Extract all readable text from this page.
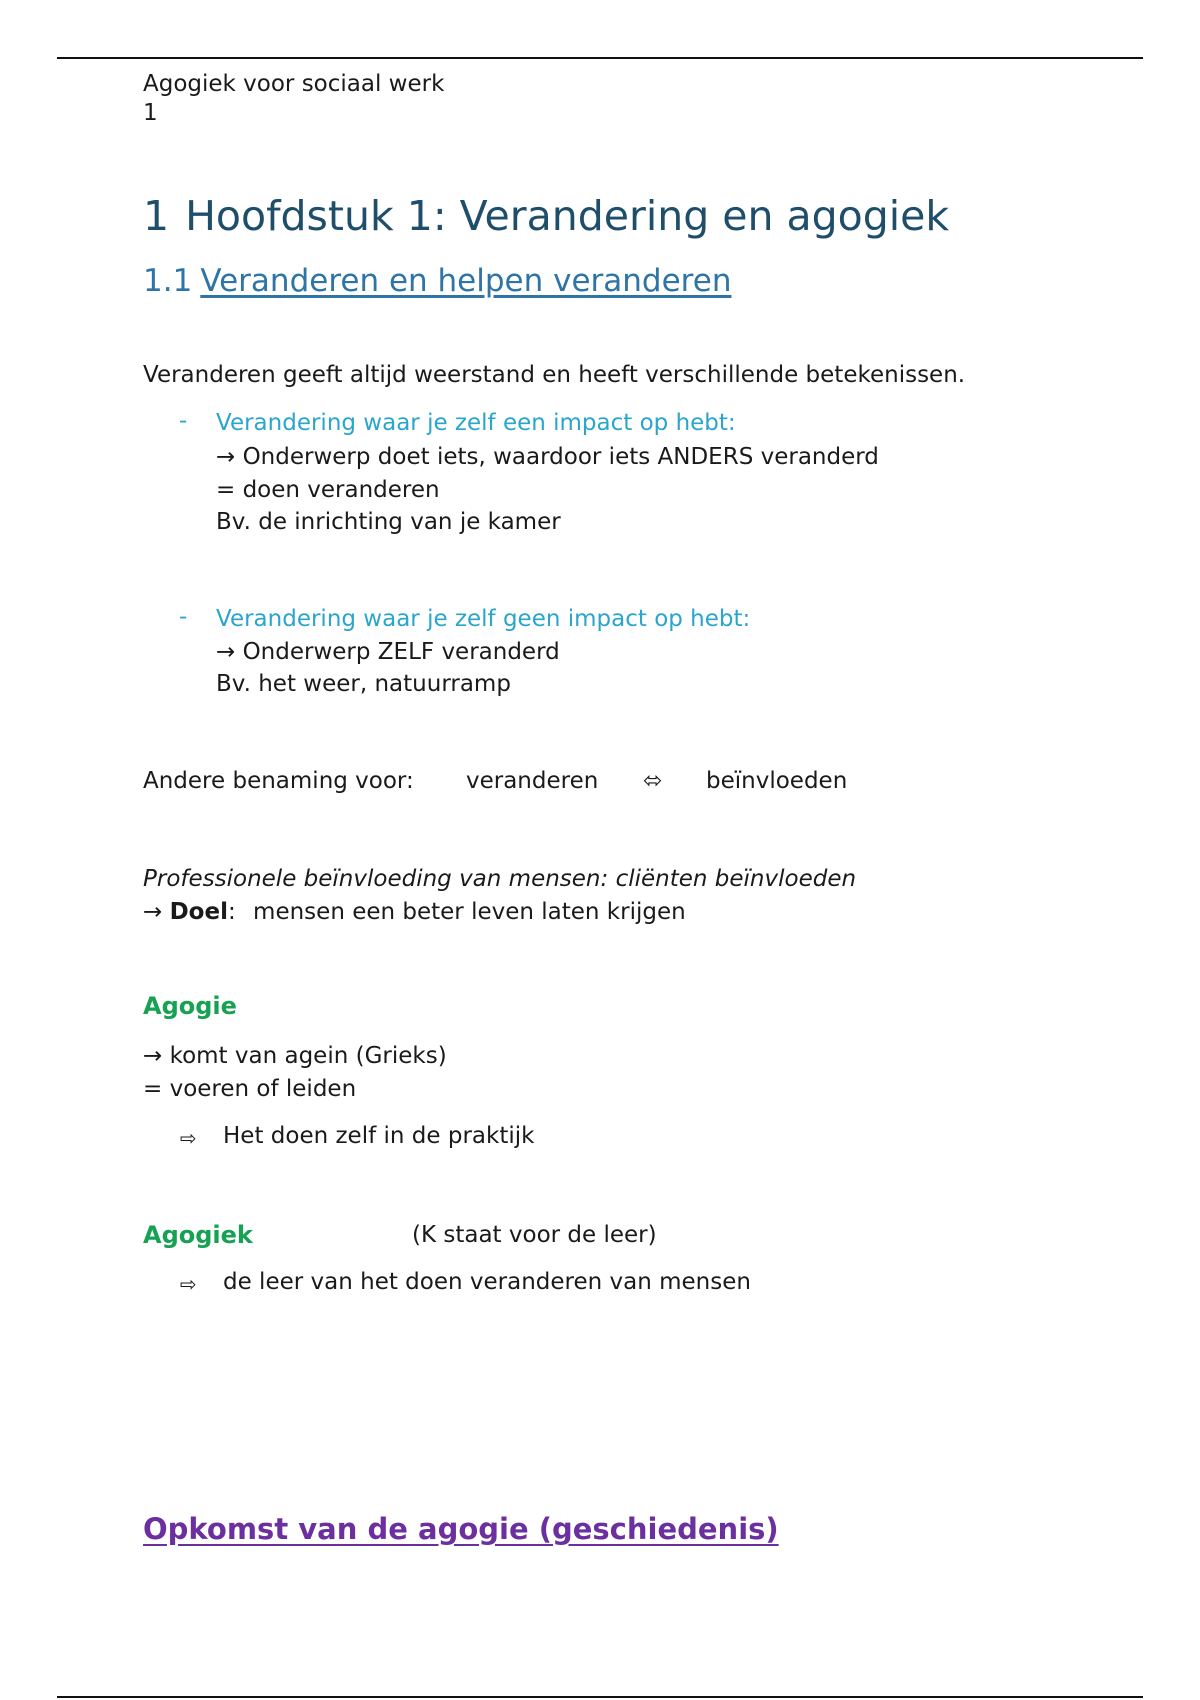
Agogiek voor sociaal werk
1
1 Hoofdstuk 1: Verandering en agogiek
1.1 Veranderen en helpen veranderen
Veranderen geeft altijd weerstand en heeft verschillende betekenissen.
- Verandering waar je zelf een impact op hebt:
→ Onderwerp doet iets, waardoor iets ANDERS veranderd
= doen veranderen
Bv. de inrichting van je kamer
- Verandering waar je zelf geen impact op hebt:
→ Onderwerp ZELF veranderd
Bv. het weer, natuurramp
Andere benaming voor: veranderen ⬄ beïnvloeden
Professionele beïnvloeding van mensen: cliënten beïnvloeden
→ Doel: mensen een beter leven laten krijgen
Agogie
→ komt van agein (Grieks)
= voeren of leiden
⇨ Het doen zelf in de praktijk
Agogiek	(K staat voor de leer)
⇨ de leer van het doen veranderen van mensen
Opkomst van de agogie (geschiedenis)
